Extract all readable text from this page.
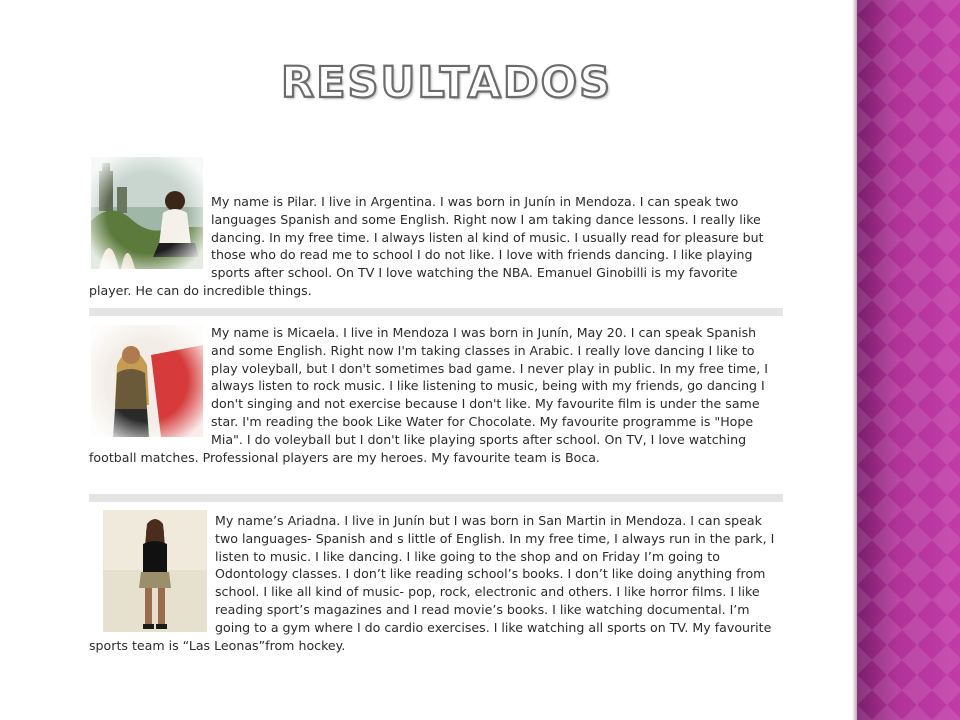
RESULTADOS

My name is Pilar. I live in Argentina. I was born in Junín in Mendoza. I can speak two languages Spanish and some English. Right now I am taking dance lessons. I really like dancing. In my free time. I always listen al kind of music. I usually read for pleasure but those who do read me to school I do not like. I love with friends dancing. I like playing sports after school. On TV I love watching the NBA. Emanuel Ginobilli is my favorite player. He can do incredible things.

My name is Micaela. I live in Mendoza I was born in Junín, May 20. I can speak Spanish and some English. Right now I'm taking classes in Arabic. I really love dancing I like to play voleyball, but I don't sometimes bad game. I never play in public. In my free time, I always listen to rock music. I like listening to music, being with my friends, go dancing I don't singing and not exercise because I don't like. My favourite film is under the same star. I'm reading the book Like Water for Chocolate. My favourite programme is "Hope Mia". I do voleyball but I don't like playing sports after school. On TV, I love watching football matches. Professional players are my heroes. My favourite team is Boca.

My name’s Ariadna. I live in Junín but I was born in San Martin in Mendoza. I can speak two languages- Spanish and s little of English. In my free time, I always run in the park, I listen to music. I like dancing. I like going to the shop and on Friday I’m going to Odontology classes. I don’t like reading school’s books. I don’t like doing anything from school. I like all kind of music- pop, rock, electronic and others. I like horror films. I like reading sport’s magazines and I read movie’s books. I like watching documental. I’m going to a gym where I do cardio exercises. I like watching all sports on TV. My favourite sports team is “Las Leonas”from hockey.
